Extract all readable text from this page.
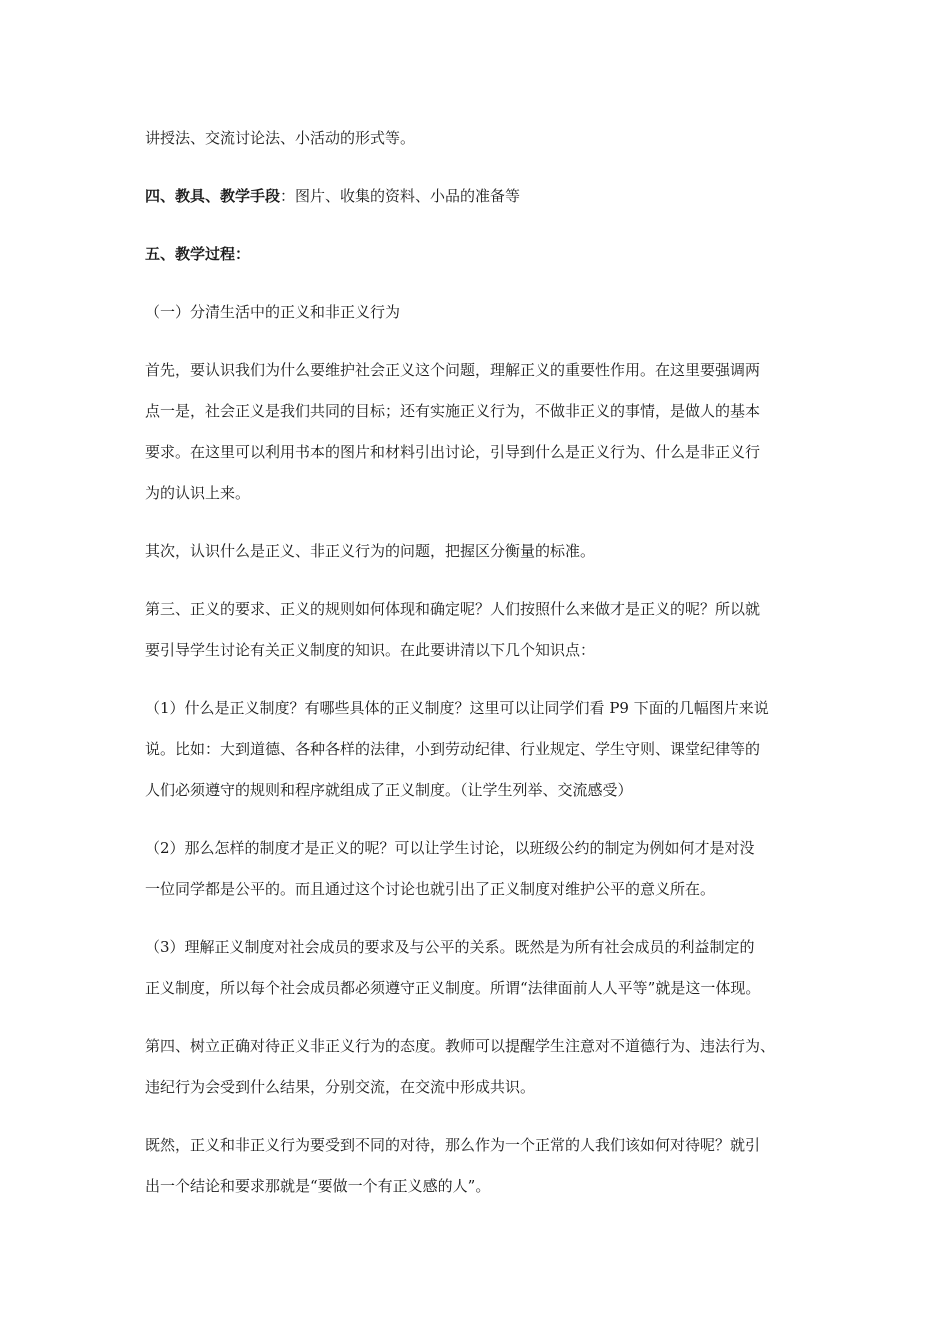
讲授法、交流讨论法、小活动的形式等。
四、教具、教学手段：图片、收集的资料、小品的准备等
五、教学过程：
（一）分清生活中的正义和非正义行为
首先，要认识我们为什么要维护社会正义这个问题，理解正义的重要性作用。在这里要强调两
点一是，社会正义是我们共同的目标；还有实施正义行为，不做非正义的事情，是做人的基本
要求。在这里可以利用书本的图片和材料引出讨论，引导到什么是正义行为、什么是非正义行
为的认识上来。
其次，认识什么是正义、非正义行为的问题，把握区分衡量的标准。
第三、正义的要求、正义的规则如何体现和确定呢？人们按照什么来做才是正义的呢？所以就
要引导学生讨论有关正义制度的知识。在此要讲清以下几个知识点：
（1）什么是正义制度？有哪些具体的正义制度？这里可以让同学们看 P9 下面的几幅图片来说
说。比如：大到道德、各种各样的法律，小到劳动纪律、行业规定、学生守则、课堂纪律等的
人们必须遵守的规则和程序就组成了正义制度。（让学生列举、交流感受）
（2）那么怎样的制度才是正义的呢？可以让学生讨论，以班级公约的制定为例如何才是对没
一位同学都是公平的。而且通过这个讨论也就引出了正义制度对维护公平的意义所在。
（3）理解正义制度对社会成员的要求及与公平的关系。既然是为所有社会成员的利益制定的
正义制度，所以每个社会成员都必须遵守正义制度。所谓“法律面前人人平等”就是这一体现。
第四、树立正确对待正义非正义行为的态度。教师可以提醒学生注意对不道德行为、违法行为、
违纪行为会受到什么结果，分别交流，在交流中形成共识。
既然，正义和非正义行为要受到不同的对待，那么作为一个正常的人我们该如何对待呢？就引
出一个结论和要求那就是“要做一个有正义感的人”。
